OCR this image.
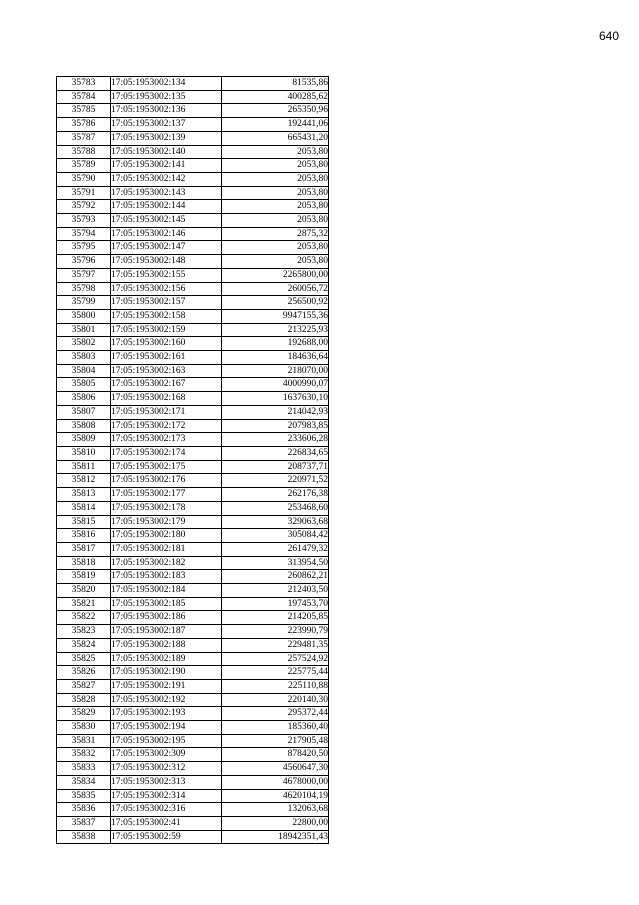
640
35783	17:05:1953002:134	81535,86
35784	17:05:1953002:135	400285,62
35785	17:05:1953002:136	265350,96
35786	17:05:1953002:137	192441,06
35787	17:05:1953002:139	665431,20
35788	17:05:1953002:140	2053,80
35789	17:05:1953002:141	2053,80
35790	17:05:1953002:142	2053,80
35791	17:05:1953002:143	2053,80
35792	17:05:1953002:144	2053,80
35793	17:05:1953002:145	2053,80
35794	17:05:1953002:146	2875,32
35795	17:05:1953002:147	2053,80
35796	17:05:1953002:148	2053,80
35797	17:05:1953002:155	2265800,00
35798	17:05:1953002:156	260056,72
35799	17:05:1953002:157	256500,92
35800	17:05:1953002:158	9947155,36
35801	17:05:1953002:159	213225,93
35802	17:05:1953002:160	192688,00
35803	17:05:1953002:161	184636,64
35804	17:05:1953002:163	218070,00
35805	17:05:1953002:167	4000990,07
35806	17:05:1953002:168	1637630,10
35807	17:05:1953002:171	214042,93
35808	17:05:1953002:172	207983,85
35809	17:05:1953002:173	233606,28
35810	17:05:1953002:174	226834,65
35811	17:05:1953002:175	208737,71
35812	17:05:1953002:176	220971,52
35813	17:05:1953002:177	262176,38
35814	17:05:1953002:178	253468,60
35815	17:05:1953002:179	329063,68
35816	17:05:1953002:180	305084,42
35817	17:05:1953002:181	261479,32
35818	17:05:1953002:182	313954,50
35819	17:05:1953002:183	260862,21
35820	17:05:1953002:184	212403,50
35821	17:05:1953002:185	197453,70
35822	17:05:1953002:186	214205,85
35823	17:05:1953002:187	223990,79
35824	17:05:1953002:188	229481,35
35825	17:05:1953002:189	257524,92
35826	17:05:1953002:190	225775,44
35827	17:05:1953002:191	225110,88
35828	17:05:1953002:192	220140,30
35829	17:05:1953002:193	295372,44
35830	17:05:1953002:194	185360,40
35831	17:05:1953002:195	217905,48
35832	17:05:1953002:309	878420,50
35833	17:05:1953002:312	4560647,30
35834	17:05:1953002:313	4678000,00
35835	17:05:1953002:314	4620104,19
35836	17:05:1953002:316	132063,68
35837	17:05:1953002:41	22800,00
35838	17:05:1953002:59	18942351,43
